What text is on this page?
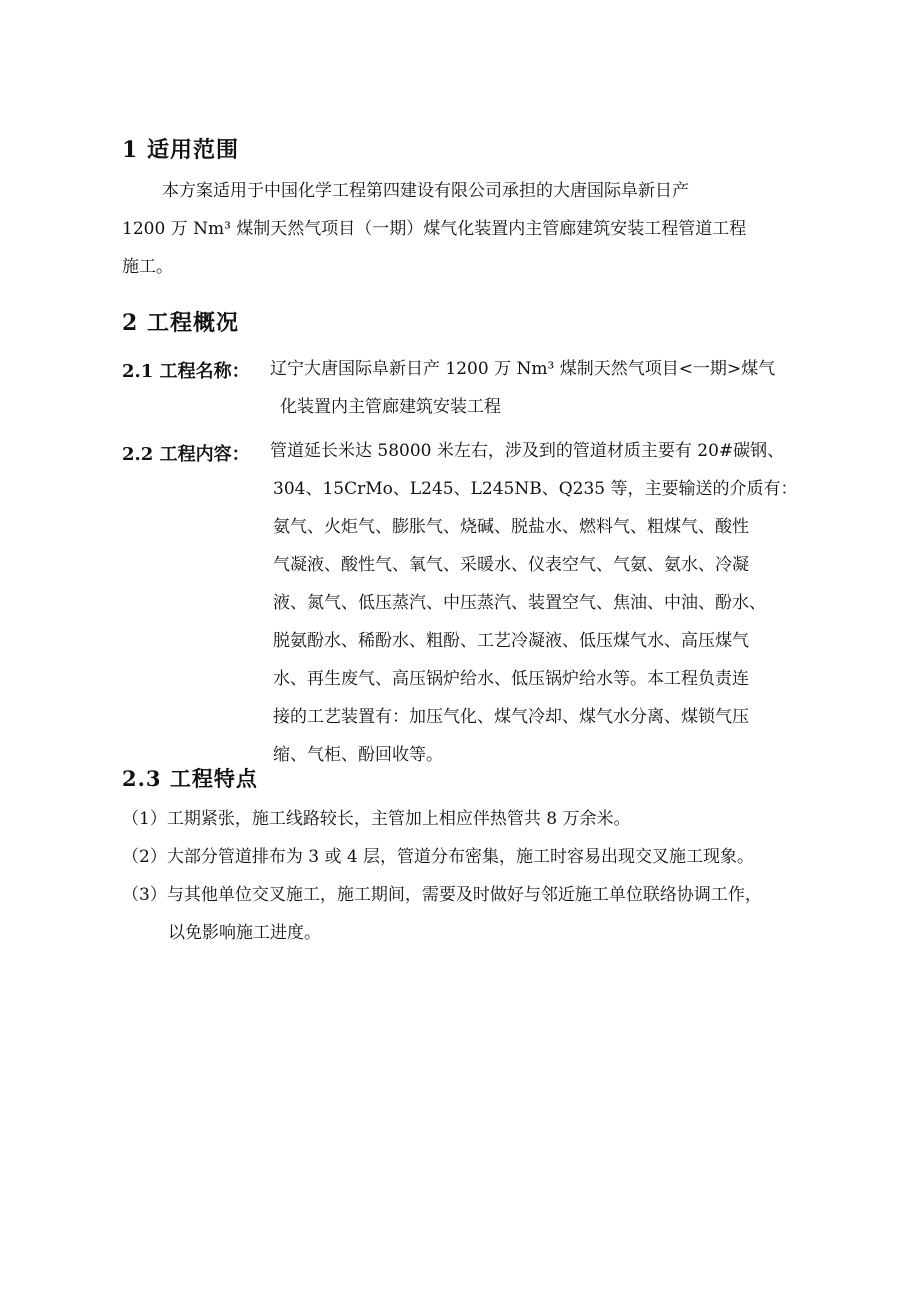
1 适用范围
本方案适用于中国化学工程第四建设有限公司承担的大唐国际阜新日产
1200 万 Nm³ 煤制天然气项目（一期）煤气化装置内主管廊建筑安装工程管道工程
施工。
2 工程概况
2.1 工程名称： 辽宁大唐国际阜新日产 1200 万 Nm³ 煤制天然气项目<一期>煤气
化装置内主管廊建筑安装工程
2.2 工程内容： 管道延长米达 58000 米左右，涉及到的管道材质主要有 20#碳钢、
304、15CrMo、L245、L245NB、Q235 等，主要输送的介质有：
氨气、火炬气、膨胀气、烧碱、脱盐水、燃料气、粗煤气、酸性
气凝液、酸性气、氧气、采暖水、仪表空气、气氨、氨水、冷凝
液、氮气、低压蒸汽、中压蒸汽、装置空气、焦油、中油、酚水、
脱氨酚水、稀酚水、粗酚、工艺冷凝液、低压煤气水、高压煤气
水、再生废气、高压锅炉给水、低压锅炉给水等。本工程负责连
接的工艺装置有：加压气化、煤气冷却、煤气水分离、煤锁气压
缩、气柜、酚回收等。
2.3 工程特点
（1）工期紧张，施工线路较长，主管加上相应伴热管共 8 万余米。
（2）大部分管道排布为 3 或 4 层，管道分布密集，施工时容易出现交叉施工现象。
（3）与其他单位交叉施工，施工期间，需要及时做好与邻近施工单位联络协调工作，
以免影响施工进度。
